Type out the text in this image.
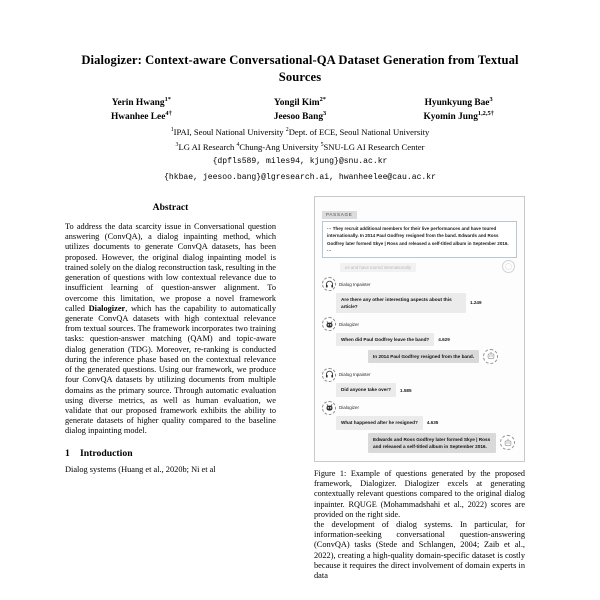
Dialogizer: Context-aware Conversational-QA Dataset Generation from Textual Sources
Yerin Hwang$^{1*}$	Yongil Kim$^{2*}$	Hyunkyung Bae$^3$
Hwanhee Lee$^{4\dagger}$	Jeesoo Bang$^3$	Kyomin Jung$^{1,2,5\dagger}$
$^1$IPAI, Seoul National University $^2$Dept. of ECE, Seoul National University
$^3$LG AI Research $^4$Chung-Ang University $^5$SNU-LG AI Research Center
{dpfls589, miles94, kjung}@snu.ac.kr
{hkbae, jeesoo.bang}@lgresearch.ai, hwanheelee@cau.ac.kr
Abstract

To address the data scarcity issue in Conversational question answering (ConvQA), a dialog inpainting method, which utilizes documents to generate ConvQA datasets, has been proposed. However, the original dialog inpainting model is trained solely on the dialog reconstruction task, resulting in the generation of questions with low contextual relevance due to insufficient learning of question-answer alignment. To overcome this limitation, we propose a novel framework called Dialogizer, which has the capability to automatically generate ConvQA datasets with high contextual relevance from textual sources. The framework incorporates two training tasks: question-answer matching (QAM) and topic-aware dialog generation (TDG). Moreover, re-ranking is conducted during the inference phase based on the contextual relevance of the generated questions. Using our framework, we produce four ConvQA datasets by utilizing documents from multiple domains as the primary source. Through automatic evaluation using diverse metrics, as well as human evaluation, we validate that our proposed framework exhibits the ability to generate datasets of higher quality compared to the baseline dialog inpainting model.

1 Introduction

Dialog systems (Huang et al., 2020b; Ni et al

PASSAGE
··· They recruit additional members for their live performances and have toured internationally. In 2014 Paul Godfrey resigned from the band. Edwards and Ross Godfrey later formed Skye | Ross and released a self-titled album in September 2016. ···
es and have toured internationally
Dialog Inpainter
Are there any other interesting aspects about this article?
1.249
Dialogizer
When did Paul Godfrey leave the band?	4.629
In 2014 Paul Godfrey resigned from the band.
Dialog Inpainter
Did anyone take over?	1.585
Dialogizer
What happened after he resigned?	4.635
Edwards and Ross Godfrey later formed Skye | Ross and released a self-titled album in September 2016.
Figure 1: Example of questions generated by the proposed framework, Dialogizer. Dialogizer excels at generating contextually relevant questions compared to the original dialog inpainter. RQUGE (Mohammadshahi et al., 2022) scores are provided on the right side.

the development of dialog systems. In particular, for information-seeking conversational question-answering (ConvQA) tasks (Stede and Schlangen, 2004; Zaib et al., 2022), creating a high-quality domain-specific dataset is costly because it requires the direct involvement of domain experts in data
